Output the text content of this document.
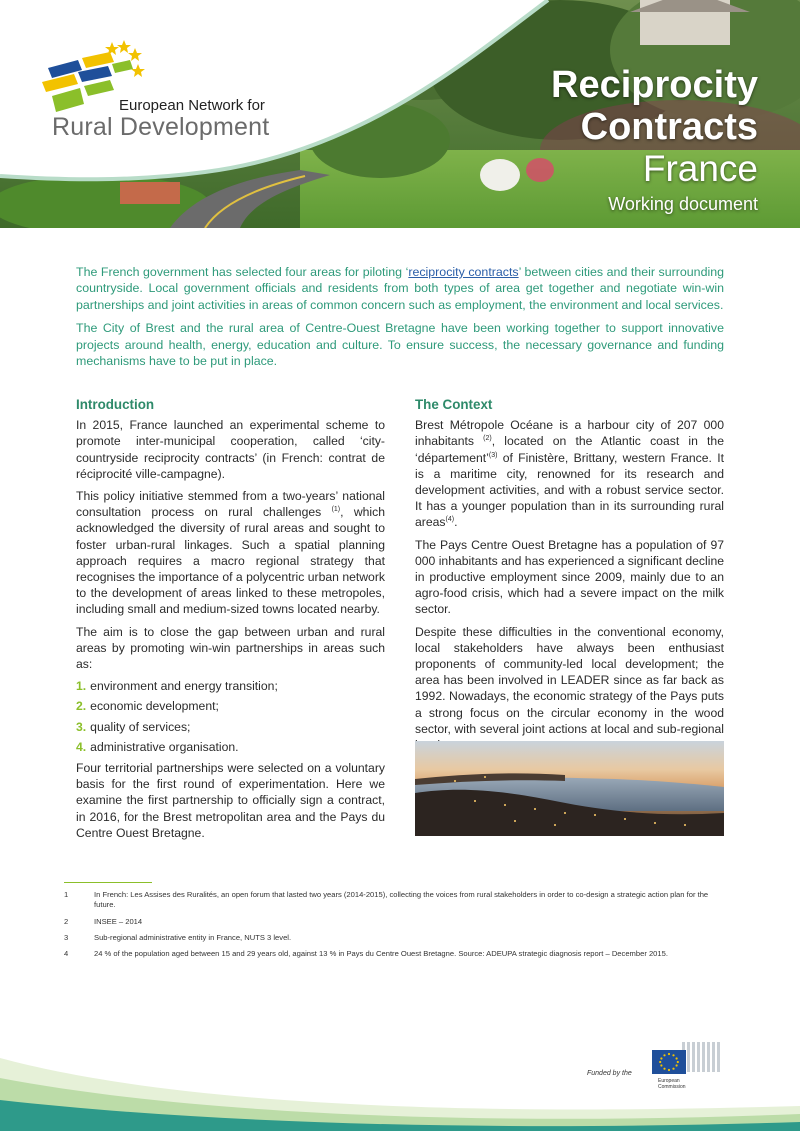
European Network for
Rural Development
Reciprocity
Contracts
France
Working document

The French government has selected four areas for piloting ‘reciprocity contracts’ between cities and their surrounding countryside. Local government officials and residents from both types of area get together and negotiate win-win partnerships and joint activities in areas of common concern such as employment, the environment and local services.

The City of Brest and the rural area of Centre-Ouest Bretagne have been working together to support innovative projects around health, energy, education and culture. To ensure success, the necessary governance and funding mechanisms have to be put in place.

Introduction

In 2015, France launched an experimental scheme to promote inter-municipal cooperation, called ‘city-countryside reciprocity contracts’ (in French: contrat de réciprocité ville-campagne).

This policy initiative stemmed from a two-years’ national consultation process on rural challenges $^{(1)}$, which acknowledged the diversity of rural areas and sought to foster urban-rural linkages. Such a spatial planning approach requires a macro regional strategy that recognises the importance of a polycentric urban network to the development of areas linked to these metropoles, including small and medium-sized towns located nearby.

The aim is to close the gap between urban and rural areas by promoting win-win partnerships in areas such as:

1. environment and energy transition;
2. economic development;
3. quality of services;
4. administrative organisation.

Four territorial partnerships were selected on a voluntary basis for the first round of experimentation. Here we examine the first partnership to officially sign a contract, in 2016, for the Brest metropolitan area and the Pays du Centre Ouest Bretagne.

The Context

Brest Métropole Océane is a harbour city of 207 000 inhabitants $^{(2)}$, located on the Atlantic coast in the ‘département’$^{(3)}$ of Finistère, Brittany, western France. It is a maritime city, renowned for its research and development activities, and with a robust service sector. It has a younger population than in its surrounding rural areas$^{(4)}$.

The Pays Centre Ouest Bretagne has a population of 97 000 inhabitants and has experienced a significant decline in productive employment since 2009, mainly due to an agro-food crisis, which had a severe impact on the milk sector.

Despite these difficulties in the conventional economy, local stakeholders have always been enthusiast proponents of community-led local development; the area has been involved in LEADER since as far back as 1992. Nowadays, the economic strategy of the Pays puts a strong focus on the circular economy in the wood sector, with several joint actions at local and sub-regional

1	In French: Les Assises des Ruralités, an open forum that lasted two years (2014-2015), collecting the voices from rural stakeholders in order to co-design a strategic action plan for the future.
2	INSEE – 2014
3	Sub-regional administrative entity in France, NUTS 3 level.
4	24 % of the population aged between 15 and 29 years old, against 13 % in Pays du Centre Ouest Bretagne. Source: ADEUPA strategic diagnosis report – December 2015.
Funded by the
European
Commission
